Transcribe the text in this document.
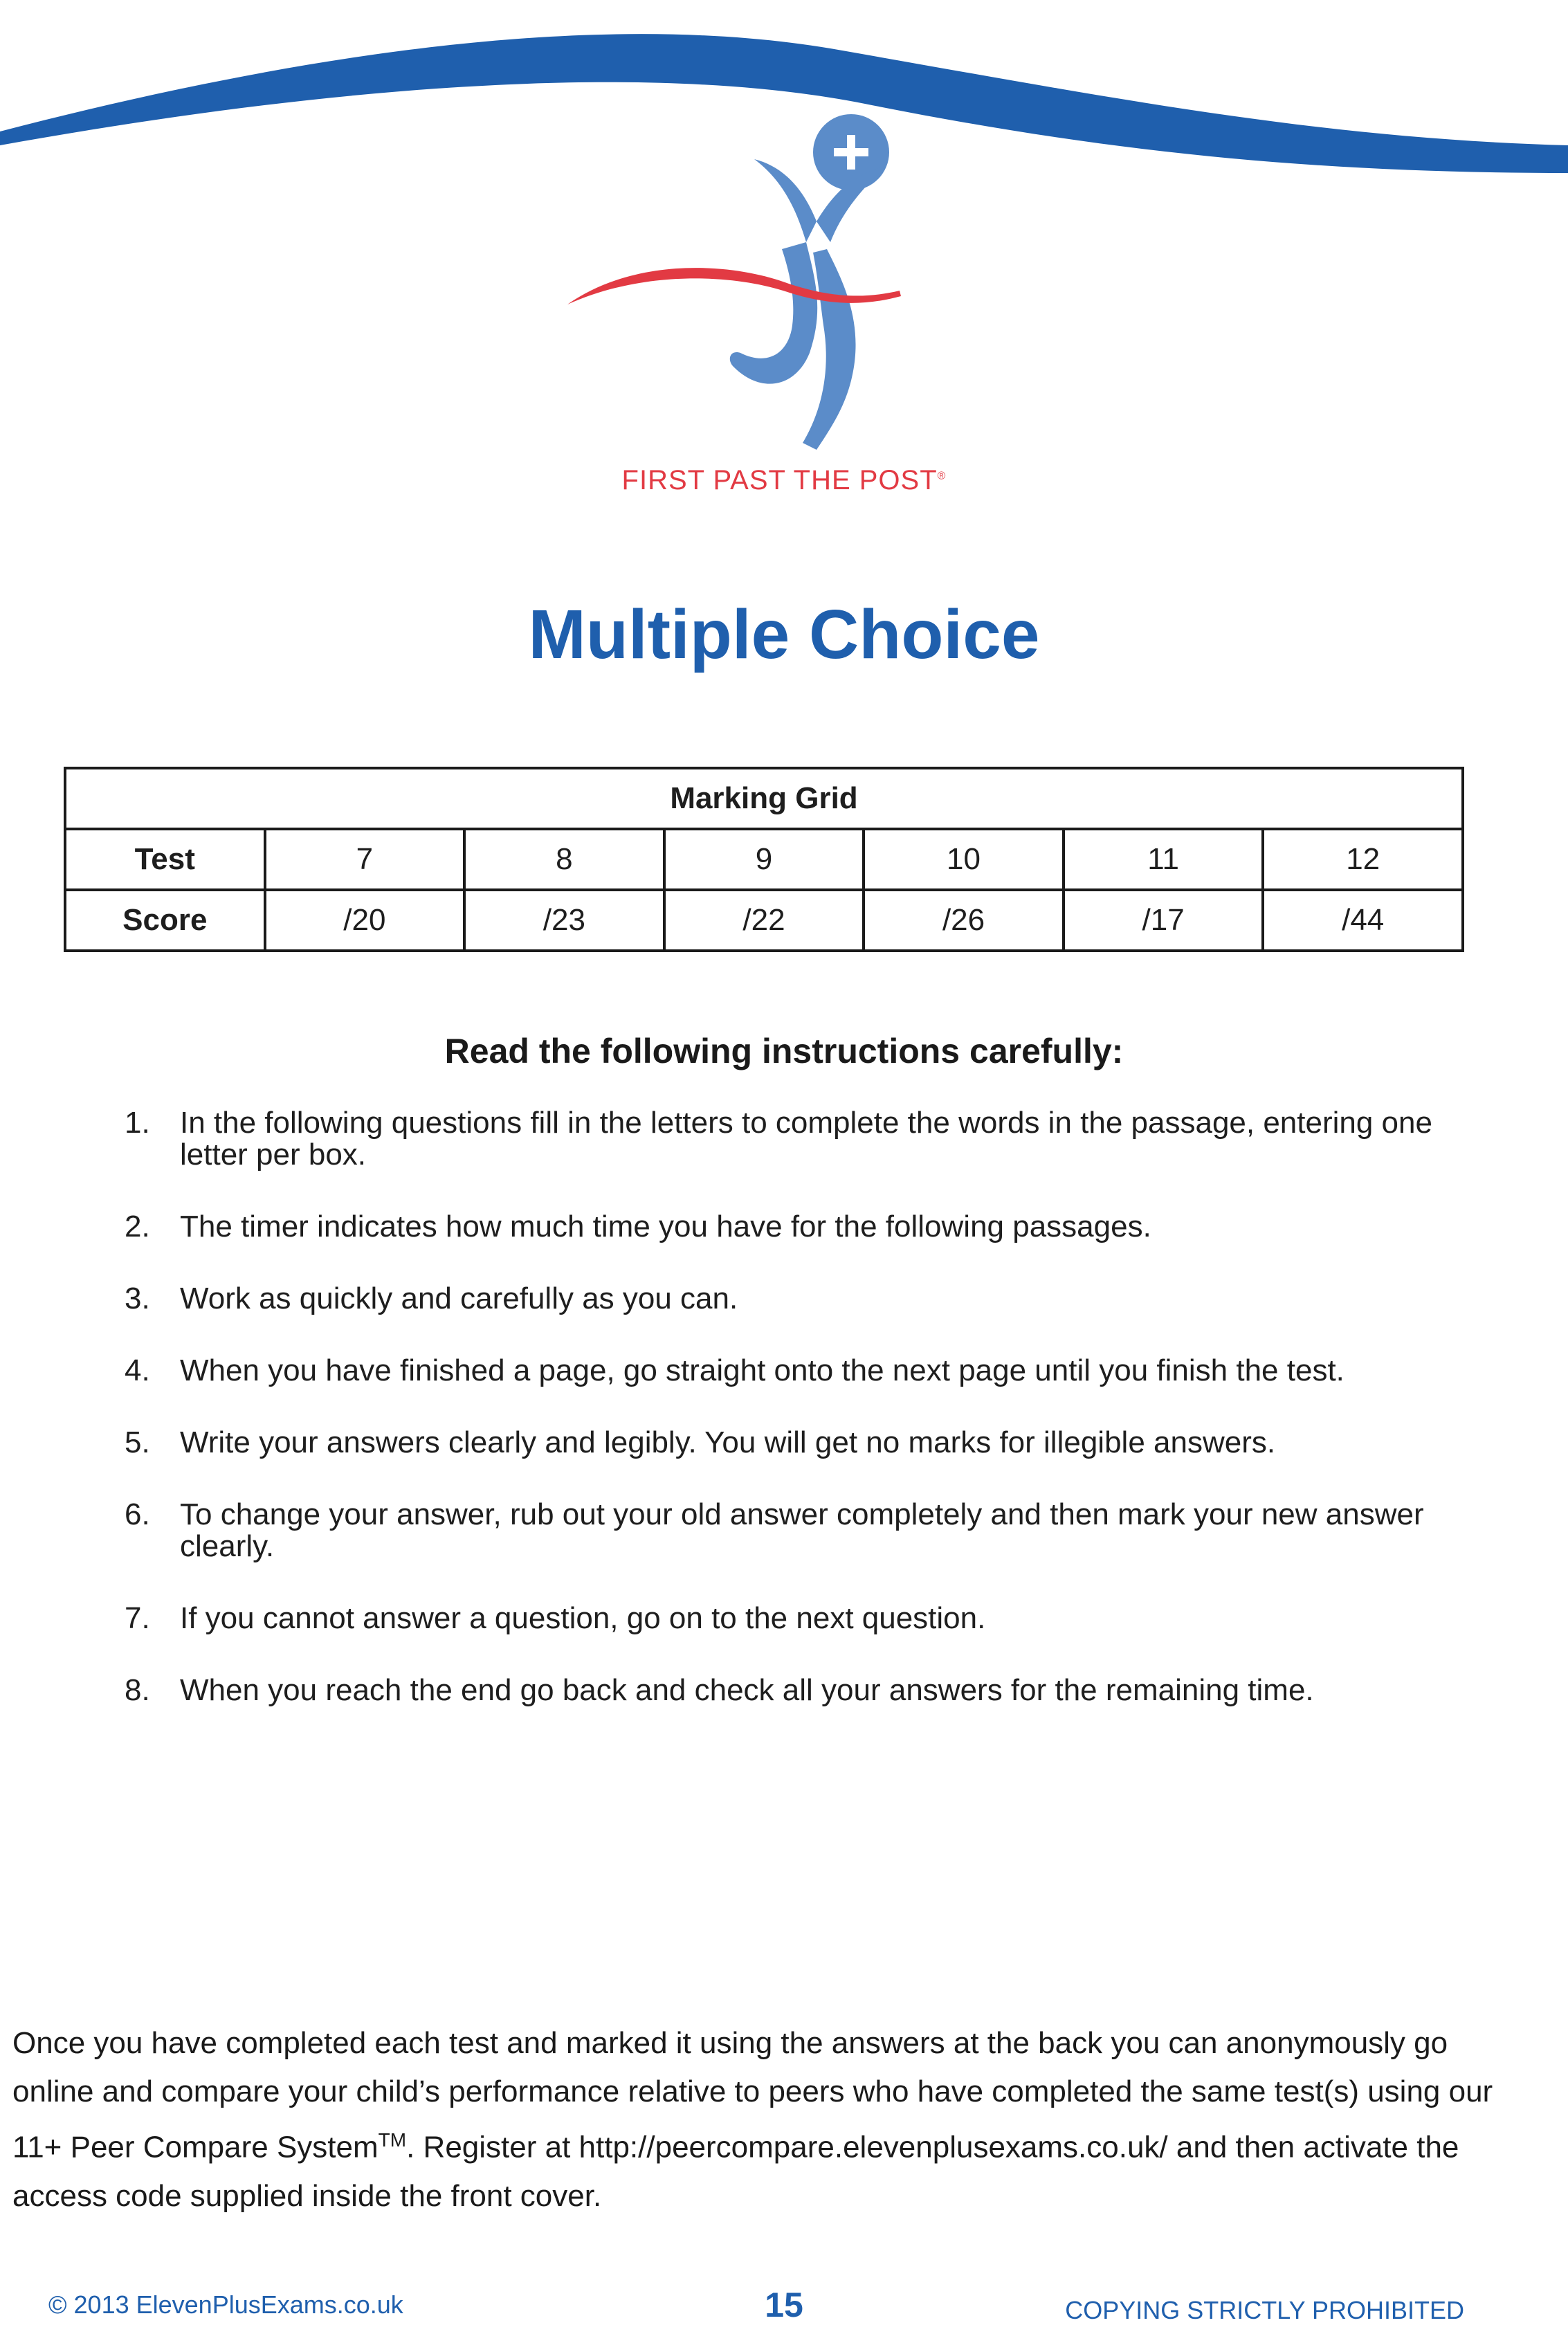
FIRST PAST THE POST®
Multiple Choice
Marking Grid						
Test	7	8	9	10	11	12
Score	/20	/23	/22	/26	/17	/44
Read the following instructions carefully:
1. In the following questions fill in the letters to complete the words in the passage, entering one letter per box.
2. The timer indicates how much time you have for the following passages.
3. Work as quickly and carefully as you can.
4. When you have finished a page, go straight onto the next page until you finish the test.
5. Write your answers clearly and legibly. You will get no marks for illegible answers.
6. To change your answer, rub out your old answer completely and then mark your new answer clearly.
7. If you cannot answer a question, go on to the next question.
8. When you reach the end go back and check all your answers for the remaining time.
Once you have completed each test and marked it using the answers at the back you can anonymously go online and compare your child’s performance relative to peers who have completed the same test(s) using our 11+ Peer Compare System™. Register at http://peercompare.elevenplusexams.co.uk/ and then activate the access code supplied inside the front cover.
© 2013 ElevenPlusExams.co.uk	15	COPYING STRICTLY PROHIBITED
